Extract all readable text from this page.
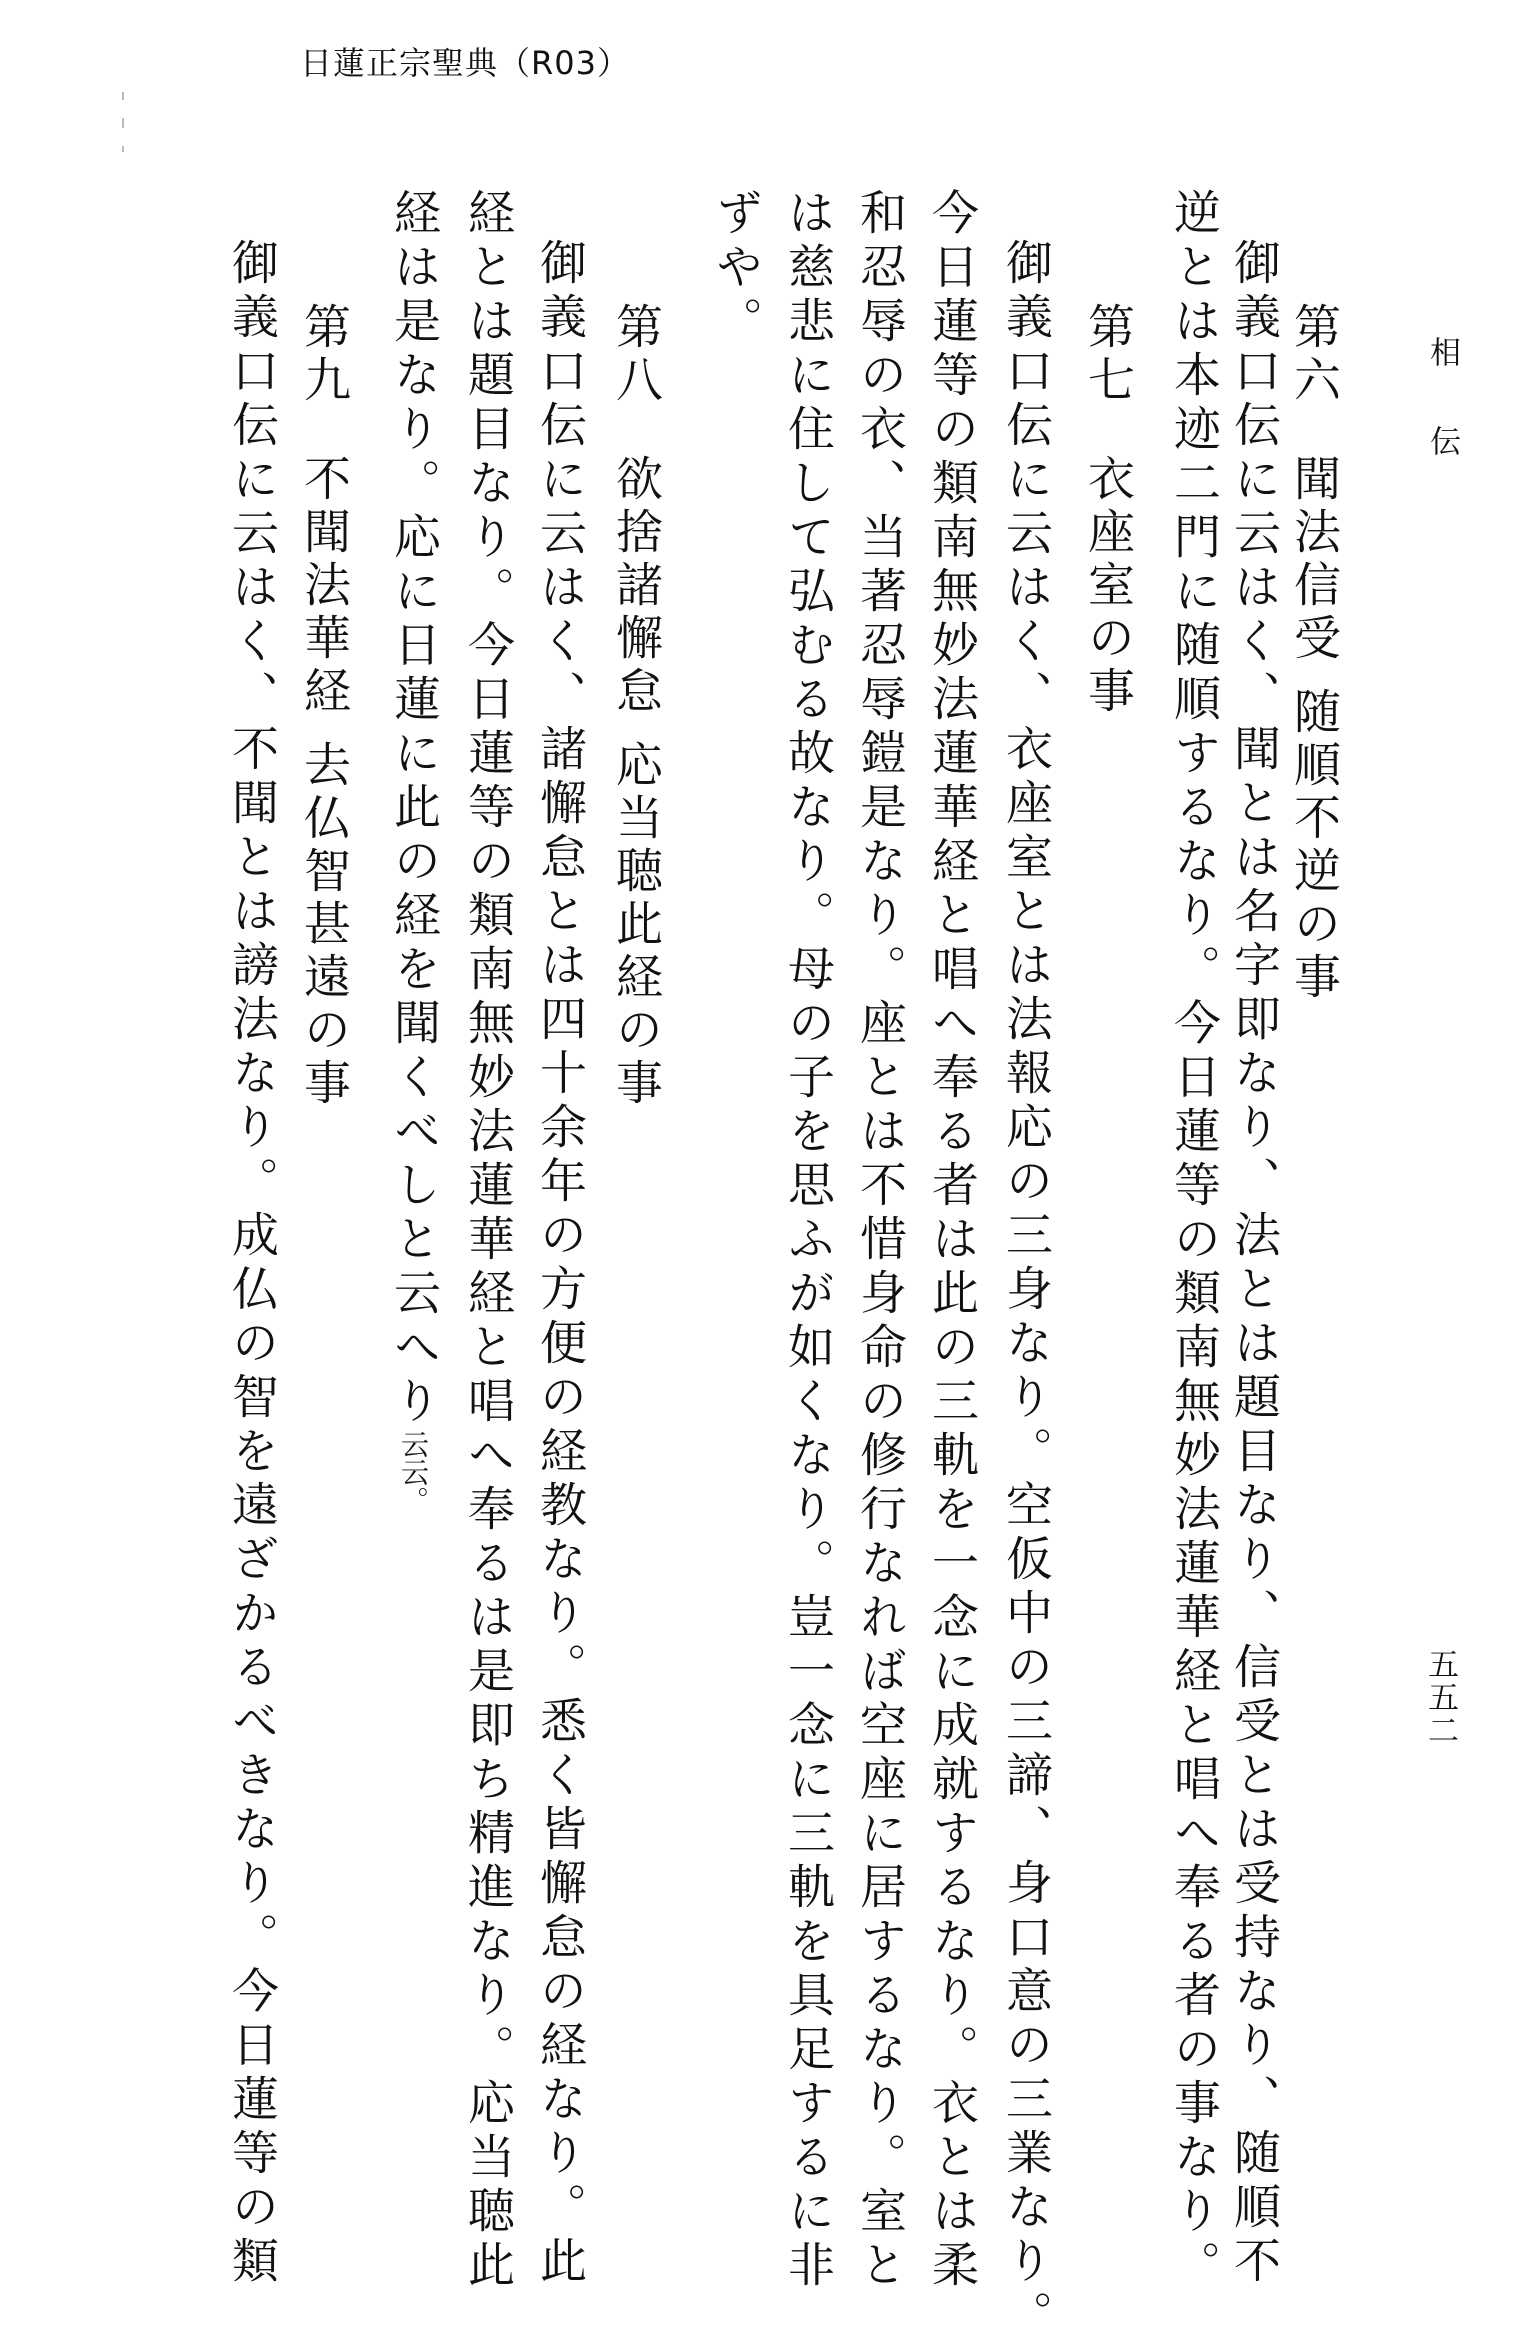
日蓮正宗聖典（R03）
相伝
五五二
第六聞法信受 随順不逆の事
御義口伝に云はく、聞とは名字即なり、法とは題目なり、信受とは受持なり、随順不
逆とは本迹二門に随順するなり。今日蓮等の類南無妙法蓮華経と唱へ奉る者の事なり。
第七衣座室の事
御義口伝に云はく、衣座室とは法報応の三身なり。空仮中の三諦、身口意の三業なり。
今日蓮等の類南無妙法蓮華経と唱へ奉る者は此の三軌を一念に成就するなり。衣とは柔
和忍辱の衣、当著忍辱鎧是なり。座とは不惜身命の修行なれば空座に居するなり。室と
は慈悲に住して弘むる故なり。母の子を思ふが如くなり。豈一念に三軌を具足するに非
ずや。
第八欲捨諸懈怠 応当聴此経の事
御義口伝に云はく、諸懈怠とは四十余年の方便の経教なり。悉く皆懈怠の経なり。此
経とは題目なり。今日蓮等の類南無妙法蓮華経と唱へ奉るは是即ち精進なり。応当聴此
経は是なり。応に日蓮に此の経を聞くべしと云へり云云。
第九不聞法華経 去仏智甚遠の事
御義口伝に云はく、不聞とは謗法なり。成仏の智を遠ざかるべきなり。今日蓮等の類
